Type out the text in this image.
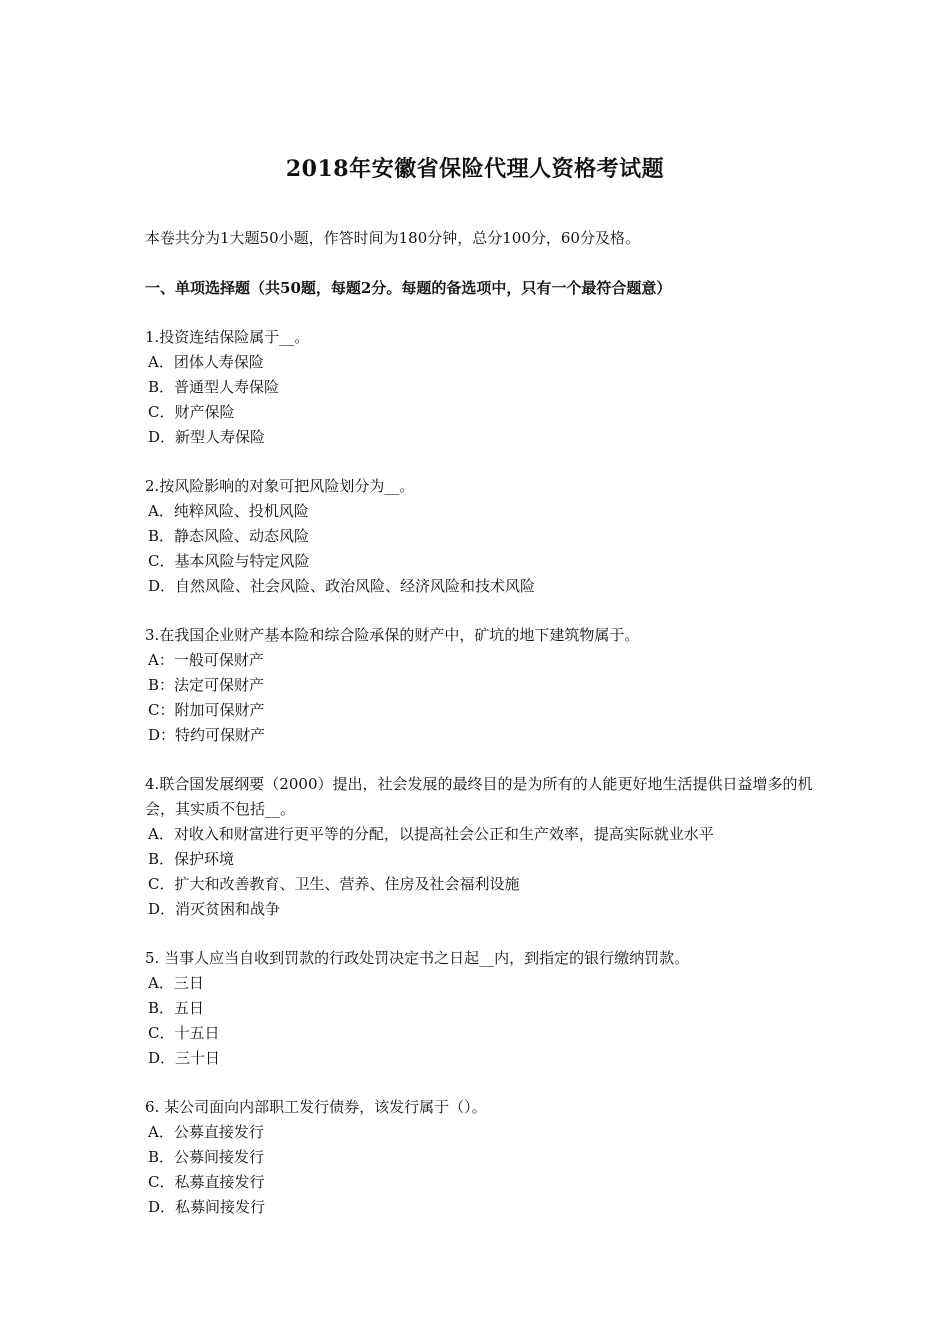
2018年安徽省保险代理人资格考试题

本卷共分为1大题50小题，作答时间为180分钟，总分100分，60分及格。

一、单项选择题（共50题，每题2分。每题的备选项中，只有一个最符合题意）

1.投资连结保险属于__。

A．团体人寿保险

B．普通型人寿保险

C．财产保险

D．新型人寿保险

2.按风险影响的对象可把风险划分为__。

A．纯粹风险、投机风险

B．静态风险、动态风险

C．基本风险与特定风险

D．自然风险、社会风险、政治风险、经济风险和技术风险

3.在我国企业财产基本险和综合险承保的财产中，矿坑的地下建筑物属于。

A：一般可保财产

B：法定可保财产

C：附加可保财产

D：特约可保财产

4.联合国发展纲要（2000）提出，社会发展的最终目的是为所有的人能更好地生活提供日益增多的机会，其实质不包括__。

A．对收入和财富进行更平等的分配，以提高社会公正和生产效率，提高实际就业水平

B．保护环境

C．扩大和改善教育、卫生、营养、住房及社会福利设施

D．消灭贫困和战争

5. 当事人应当自收到罚款的行政处罚决定书之日起__内，到指定的银行缴纳罚款。

A．三日

B．五日

C．十五日

D．三十日

6. 某公司面向内部职工发行债券，该发行属于（）。

A．公募直接发行

B．公募间接发行

C．私募直接发行

D．私募间接发行
